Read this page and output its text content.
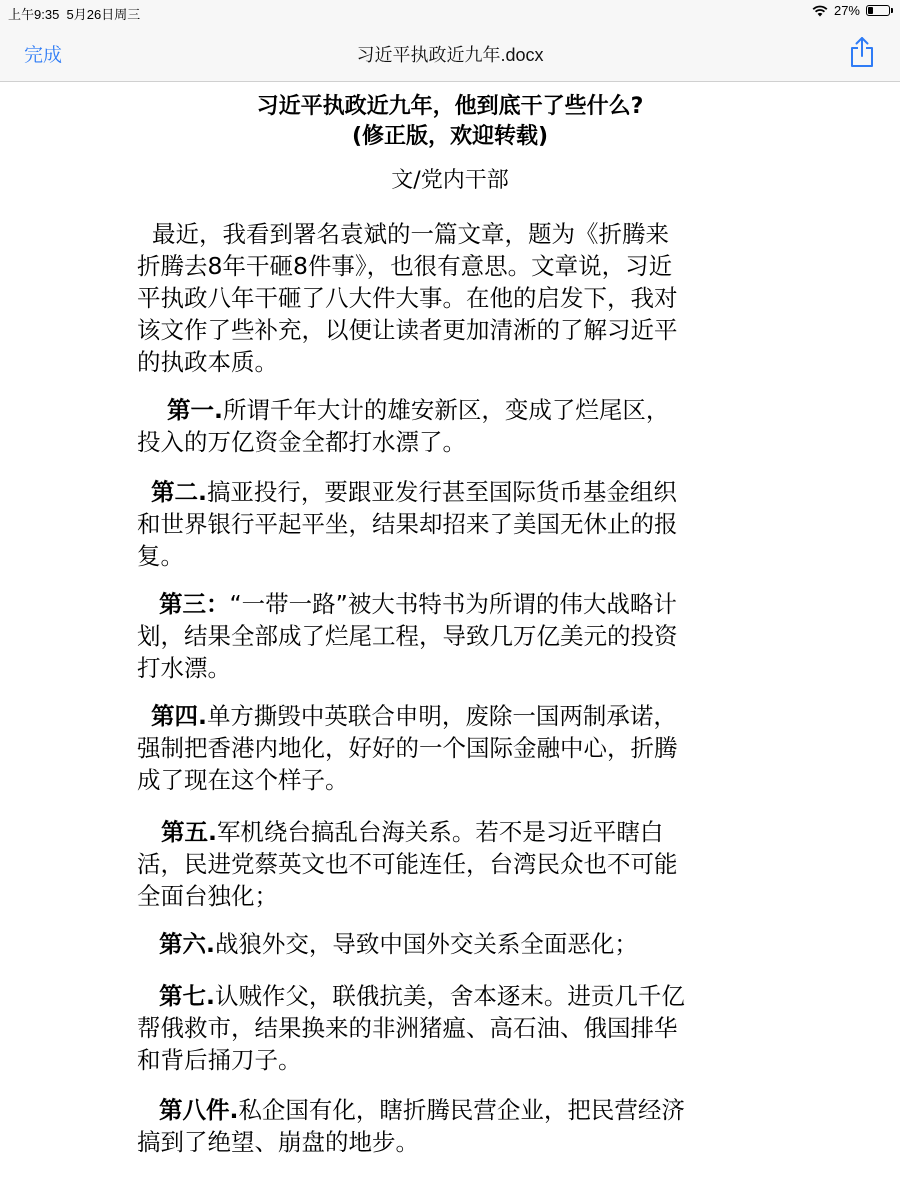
上午9:35 5月26日周三	27%
完成	习近平执政近九年.docx
习近平执政近九年，他到底干了些什么?
(修正版，欢迎转载)
文/党内干部
最近，我看到署名袁斌的一篇文章，题为《折腾来
折腾去8年干砸8件事》，也很有意思。文章说，习近
平执政八年干砸了八大件大事。在他的启发下，我对
该文作了些补充，以便让读者更加清淅的了解习近平
的执政本质。
第一.所谓千年大计的雄安新区，变成了烂尾区，
投入的万亿资金全都打水漂了。
第二.搞亚投行，要跟亚发行甚至国际货币基金组织
和世界银行平起平坐，结果却招来了美国无休止的报
复。
第三：“一带一路”被大书特书为所谓的伟大战略计
划，结果全部成了烂尾工程，导致几万亿美元的投资
打水漂。
第四.单方撕毁中英联合申明，废除一国两制承诺，
强制把香港内地化，好好的一个国际金融中心，折腾
成了现在这个样子。
第五.军机绕台搞乱台海关系。若不是习近平瞎白
活，民进党蔡英文也不可能连任，台湾民众也不可能
全面台独化；
第六.战狼外交，导致中国外交关系全面恶化；
第七.认贼作父，联俄抗美，舍本逐末。进贡几千亿
帮俄救市，结果换来的非洲猪瘟、高石油、俄国排华
和背后捅刀子。
第八件.私企国有化，瞎折腾民营企业，把民营经济
搞到了绝望、崩盘的地步。
